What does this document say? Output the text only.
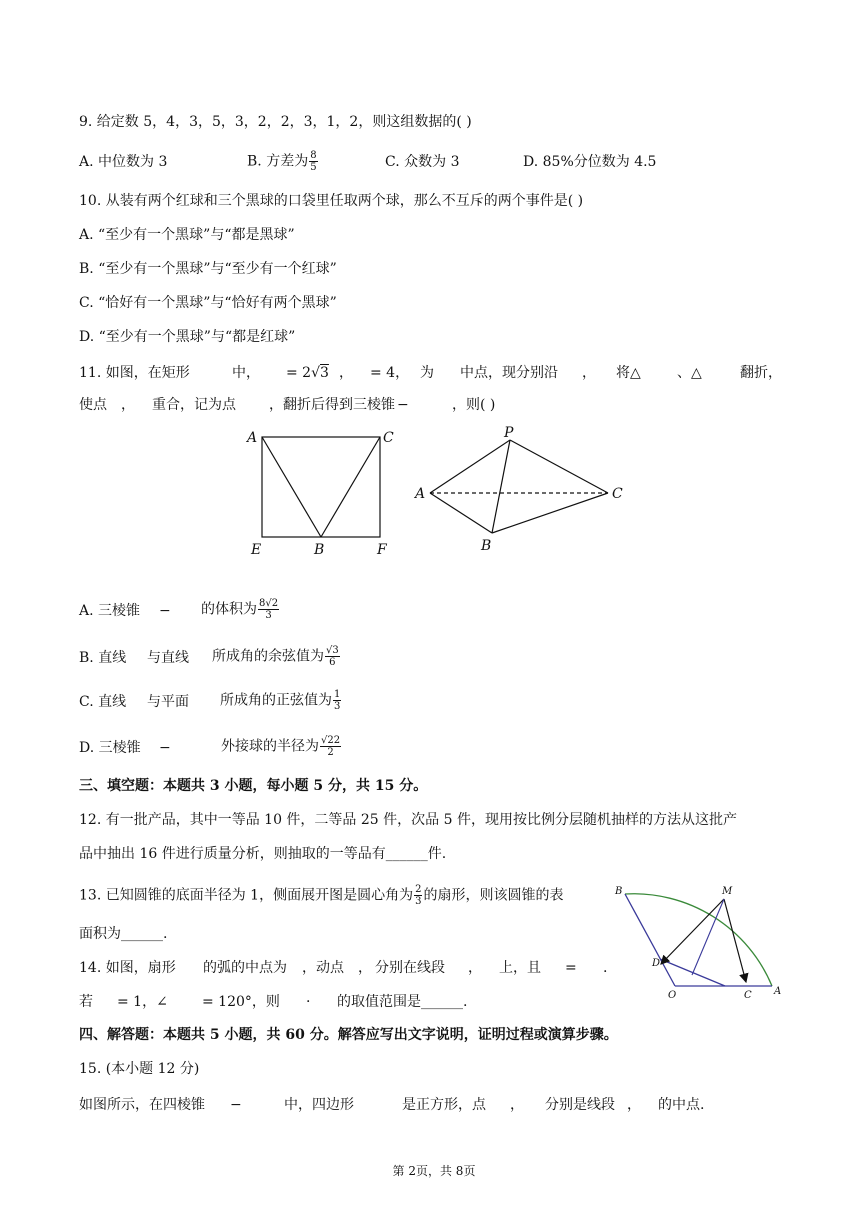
9. 给定数 5，4，3，5，3，2，2，3，1，2，则这组数据的( )
A. 中位数为 3	B. 方差为 $\frac{8}{5}$	C. 众数为 3	D. 85%分位数为 4.5
10. 从装有两个红球和三个黑球的口袋里任取两个球，那么不互斥的两个事件是( )
A. “至少有一个黑球”与“都是黑球”
B. “至少有一个黑球”与“至少有一个红球”
C. “恰好有一个黑球”与“恰好有两个黑球”
D. “至少有一个黑球”与“都是红球”
11. 如图，在矩形	中， = 2√3 ， = 4， 为 中点，现分别沿 ， 将△	、△	翻折，
使点 ， 重合，记为点 ，翻折后得到三棱锥 −	，则( )
A	C
E	B	F
P
A	C
B
A. 三棱锥 − 的体积为 $\frac{8√2}{3}$
B. 直线 与直线 所成角的余弦值为 $\frac{√3}{6}$
C. 直线 与平面 所成角的正弦值为 $\frac{1}{3}$
D. 三棱锥 −	外接球的半径为 $\frac{√22}{2}$
三、填空题：本题共 3 小题，每小题 5 分，共 15 分。
12. 有一批产品，其中一等品 10 件，二等品 25 件，次品 5 件，现用按比例分层随机抽样的方法从这批产
品中抽出 16 件进行质量分析，则抽取的一等品有______件.
13. 已知圆锥的底面半径为 1，侧面展开图是圆心角为 $\frac{2}{3}$ 的扇形，则该圆锥的表
面积为______.
14. 如图，扇形 的弧的中点为 ，动点 ， 分别在线段 ， 上，且 = .
若 = 1，∠ = 120°，则 · 的取值范围是______.
B	M
D
O	C A
四、解答题：本题共 5 小题，共 60 分。解答应写出文字说明，证明过程或演算步骤。
15. (本小题 12 分)
如图所示，在四棱锥 −	中，四边形	是正方形，点 ， 分别是线段 ， 的中点.
第 2页，共 8页
